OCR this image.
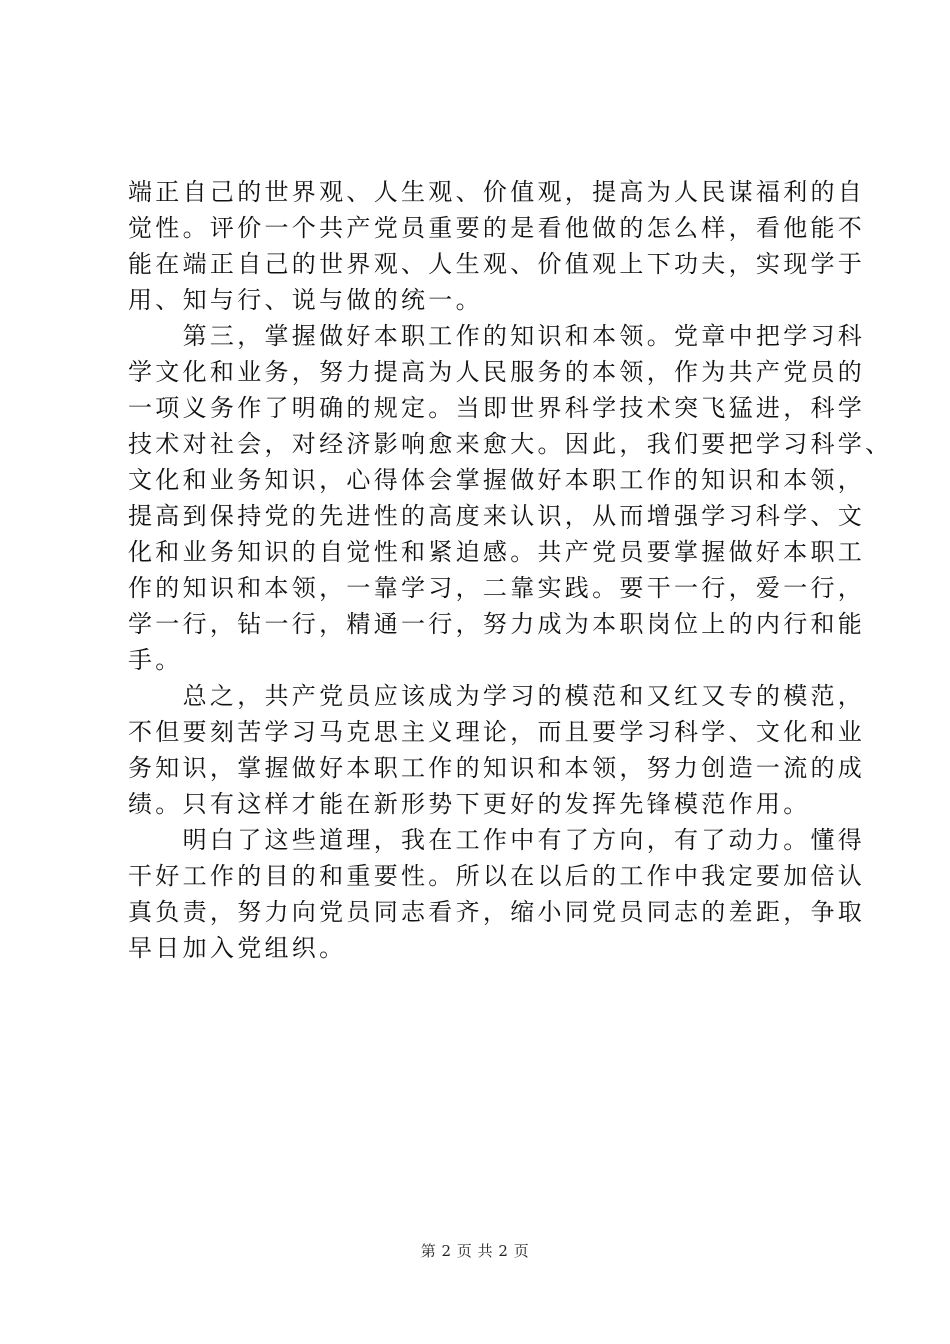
端正自己的世界观、人生观、价值观，提高为人民谋福利的自
觉性。评价一个共产党员重要的是看他做的怎么样，看他能不
能在端正自己的世界观、人生观、价值观上下功夫，实现学于
用、知与行、说与做的统一。
　　第三，掌握做好本职工作的知识和本领。党章中把学习科
学文化和业务，努力提高为人民服务的本领，作为共产党员的
一项义务作了明确的规定。当即世界科学技术突飞猛进，科学
技术对社会，对经济影响愈来愈大。因此，我们要把学习科学、
文化和业务知识，心得体会掌握做好本职工作的知识和本领，
提高到保持党的先进性的高度来认识，从而增强学习科学、文
化和业务知识的自觉性和紧迫感。共产党员要掌握做好本职工
作的知识和本领，一靠学习，二靠实践。要干一行，爱一行，
学一行，钻一行，精通一行，努力成为本职岗位上的内行和能
手。
　　总之，共产党员应该成为学习的模范和又红又专的模范，
不但要刻苦学习马克思主义理论，而且要学习科学、文化和业
务知识，掌握做好本职工作的知识和本领，努力创造一流的成
绩。只有这样才能在新形势下更好的发挥先锋模范作用。
　　明白了这些道理，我在工作中有了方向，有了动力。懂得
干好工作的目的和重要性。所以在以后的工作中我定要加倍认
真负责，努力向党员同志看齐，缩小同党员同志的差距，争取
早日加入党组织。
第 2 页 共 2 页
